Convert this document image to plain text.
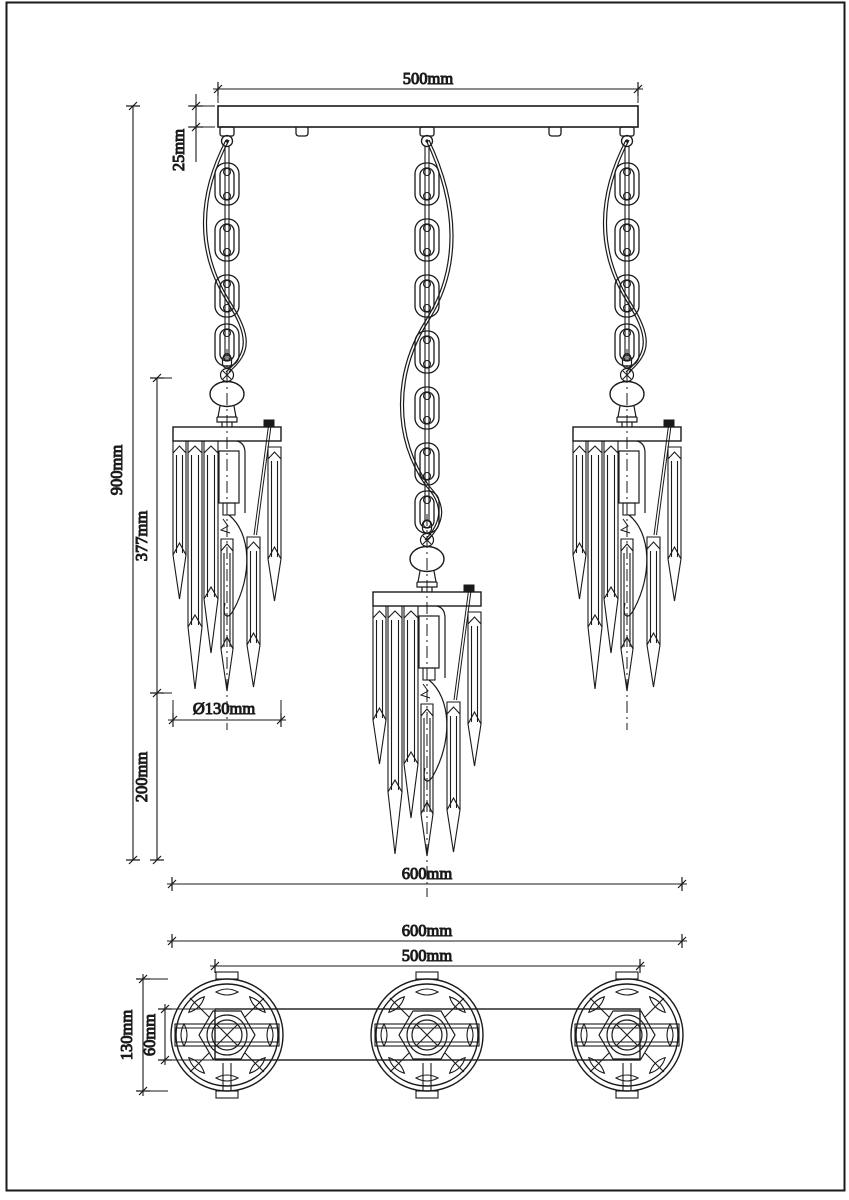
500mm
25mm
900mm
377mm
200mm
Ø130mm
600mm
600mm
500mm
130mm 60mm
